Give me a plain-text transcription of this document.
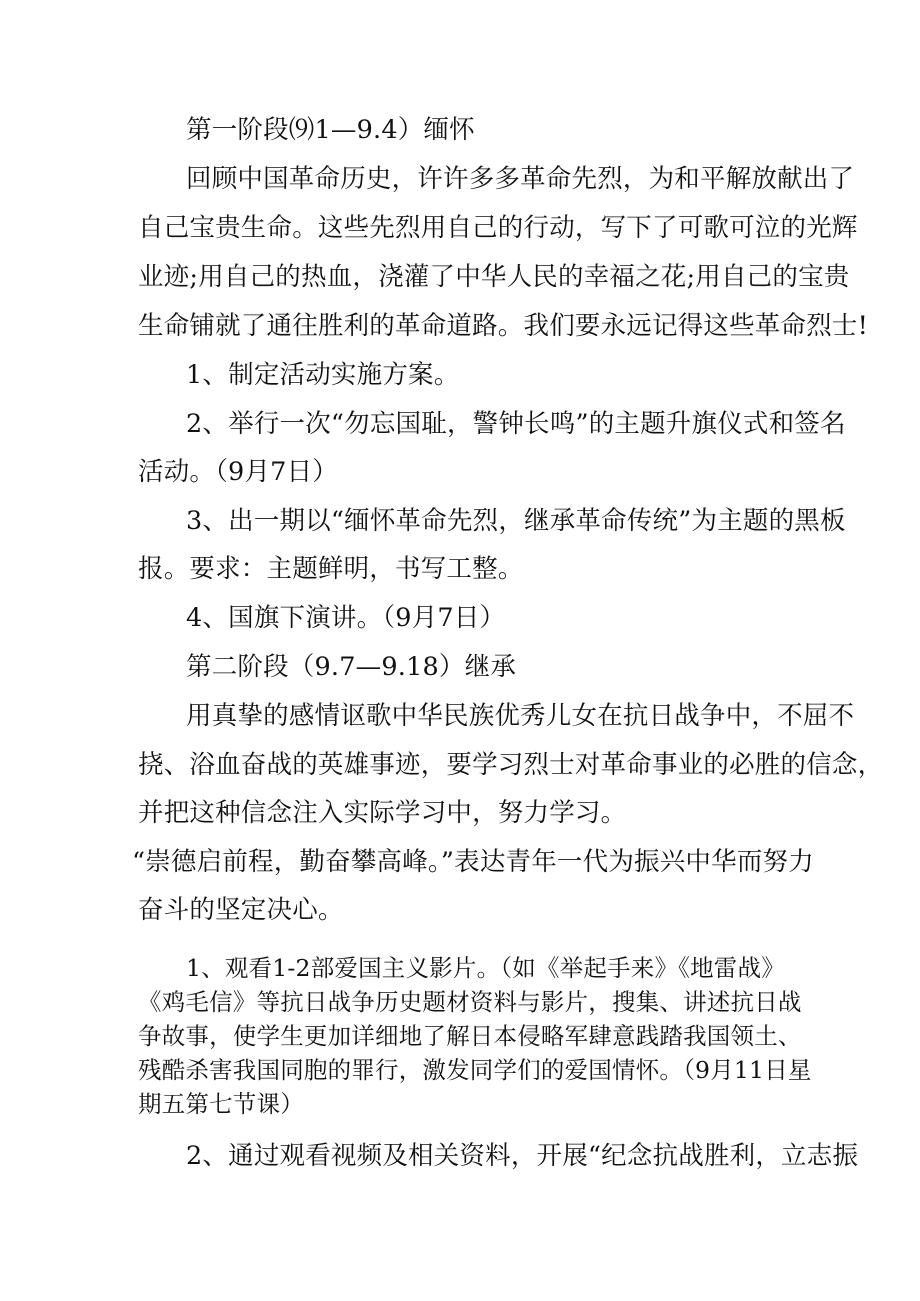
第一阶段⑼1—9.4）缅怀
回顾中国革命历史，许许多多革命先烈，为和平解放献出了
自己宝贵生命。这些先烈用自己的行动，写下了可歌可泣的光辉
业迹;用自己的热血，浇灌了中华人民的幸福之花;用自己的宝贵
生命铺就了通往胜利的革命道路。我们要永远记得这些革命烈士!
1、制定活动实施方案。
2、举行一次“勿忘国耻，警钟长鸣”的主题升旗仪式和签名
活动。（9月7日）
3、出一期以“缅怀革命先烈，继承革命传统”为主题的黑板
报。要求：主题鲜明，书写工整。
4、国旗下演讲。（9月7日）
第二阶段（9.7—9.18）继承
用真挚的感情讴歌中华民族优秀儿女在抗日战争中，不屈不
挠、浴血奋战的英雄事迹，要学习烈士对革命事业的必胜的信念，
并把这种信念注入实际学习中，努力学习。
“崇德启前程，勤奋攀高峰。”表达青年一代为振兴中华而努力
奋斗的坚定决心。
1、观看1-2部爱国主义影片。（如《举起手来》《地雷战》
《鸡毛信》等抗日战争历史题材资料与影片，搜集、讲述抗日战
争故事，使学生更加详细地了解日本侵略军肆意践踏我国领土、
残酷杀害我国同胞的罪行，激发同学们的爱国情怀。（9月11日星
期五第七节课）
2、通过观看视频及相关资料，开展“纪念抗战胜利，立志振
